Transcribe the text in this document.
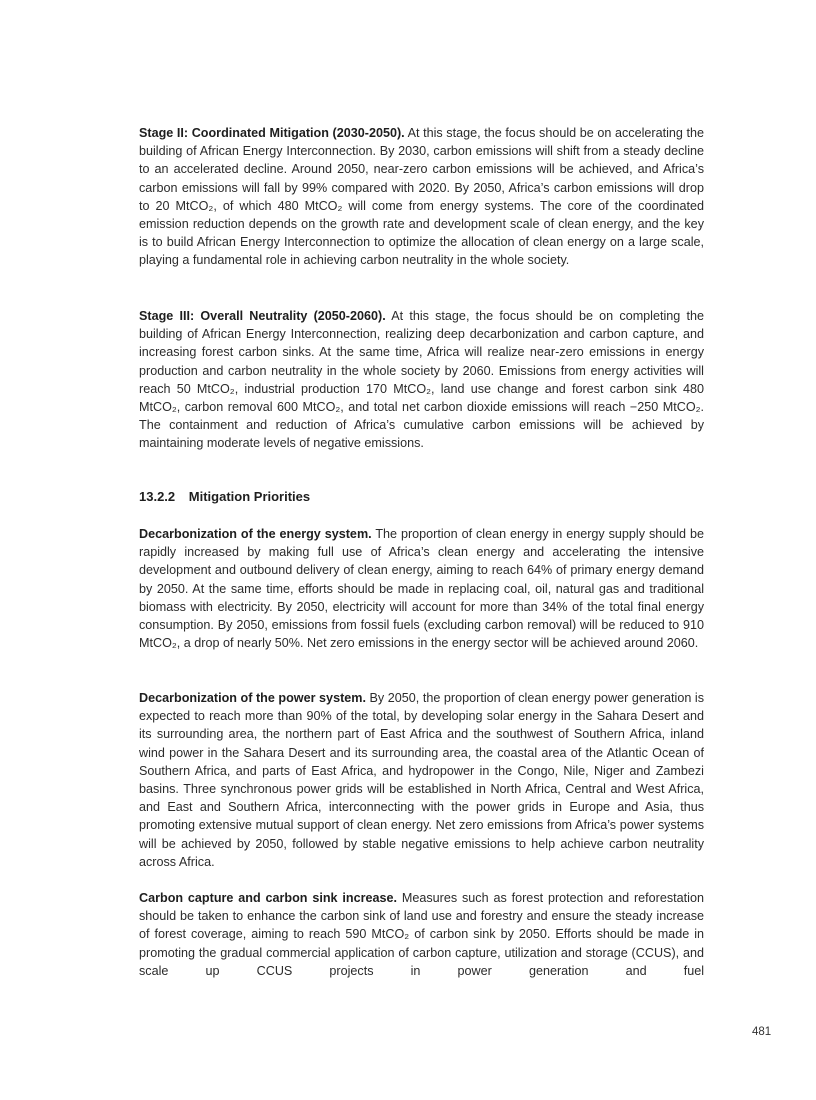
Stage II: Coordinated Mitigation (2030-2050). At this stage, the focus should be on accelerating the building of African Energy Interconnection. By 2030, carbon emissions will shift from a steady decline to an accelerated decline. Around 2050, near-zero carbon emissions will be achieved, and Africa’s carbon emissions will fall by 99% compared with 2020. By 2050, Africa’s carbon emissions will drop to 20 MtCO₂, of which 480 MtCO₂ will come from energy systems. The core of the coordinated emission reduction depends on the growth rate and development scale of clean energy, and the key is to build African Energy Interconnection to optimize the allocation of clean energy on a large scale, playing a fundamental role in achieving carbon neutrality in the whole society.
Stage III: Overall Neutrality (2050-2060). At this stage, the focus should be on completing the building of African Energy Interconnection, realizing deep decarbonization and carbon capture, and increasing forest carbon sinks. At the same time, Africa will realize near-zero emissions in energy production and carbon neutrality in the whole society by 2060. Emissions from energy activities will reach 50 MtCO₂, industrial production 170 MtCO₂, land use change and forest carbon sink 480 MtCO₂, carbon removal 600 MtCO₂, and total net carbon dioxide emissions will reach −250 MtCO₂. The containment and reduction of Africa’s cumulative carbon emissions will be achieved by maintaining moderate levels of negative emissions.
13.2.2 Mitigation Priorities
Decarbonization of the energy system. The proportion of clean energy in energy supply should be rapidly increased by making full use of Africa’s clean energy and accelerating the intensive development and outbound delivery of clean energy, aiming to reach 64% of primary energy demand by 2050. At the same time, efforts should be made in replacing coal, oil, natural gas and traditional biomass with electricity. By 2050, electricity will account for more than 34% of the total final energy consumption. By 2050, emissions from fossil fuels (excluding carbon removal) will be reduced to 910 MtCO₂, a drop of nearly 50%. Net zero emissions in the energy sector will be achieved around 2060.
Decarbonization of the power system. By 2050, the proportion of clean energy power generation is expected to reach more than 90% of the total, by developing solar energy in the Sahara Desert and its surrounding area, the northern part of East Africa and the southwest of Southern Africa, inland wind power in the Sahara Desert and its surrounding area, the coastal area of the Atlantic Ocean of Southern Africa, and parts of East Africa, and hydropower in the Congo, Nile, Niger and Zambezi basins. Three synchronous power grids will be established in North Africa, Central and West Africa, and East and Southern Africa, interconnecting with the power grids in Europe and Asia, thus promoting extensive mutual support of clean energy. Net zero emissions from Africa’s power systems will be achieved by 2050, followed by stable negative emissions to help achieve carbon neutrality across Africa.
Carbon capture and carbon sink increase. Measures such as forest protection and reforestation should be taken to enhance the carbon sink of land use and forestry and ensure the steady increase of forest coverage, aiming to reach 590 MtCO₂ of carbon sink by 2050. Efforts should be made in promoting the gradual commercial application of carbon capture, utilization and storage (CCUS), and scale up CCUS projects in power generation and fuel
481
